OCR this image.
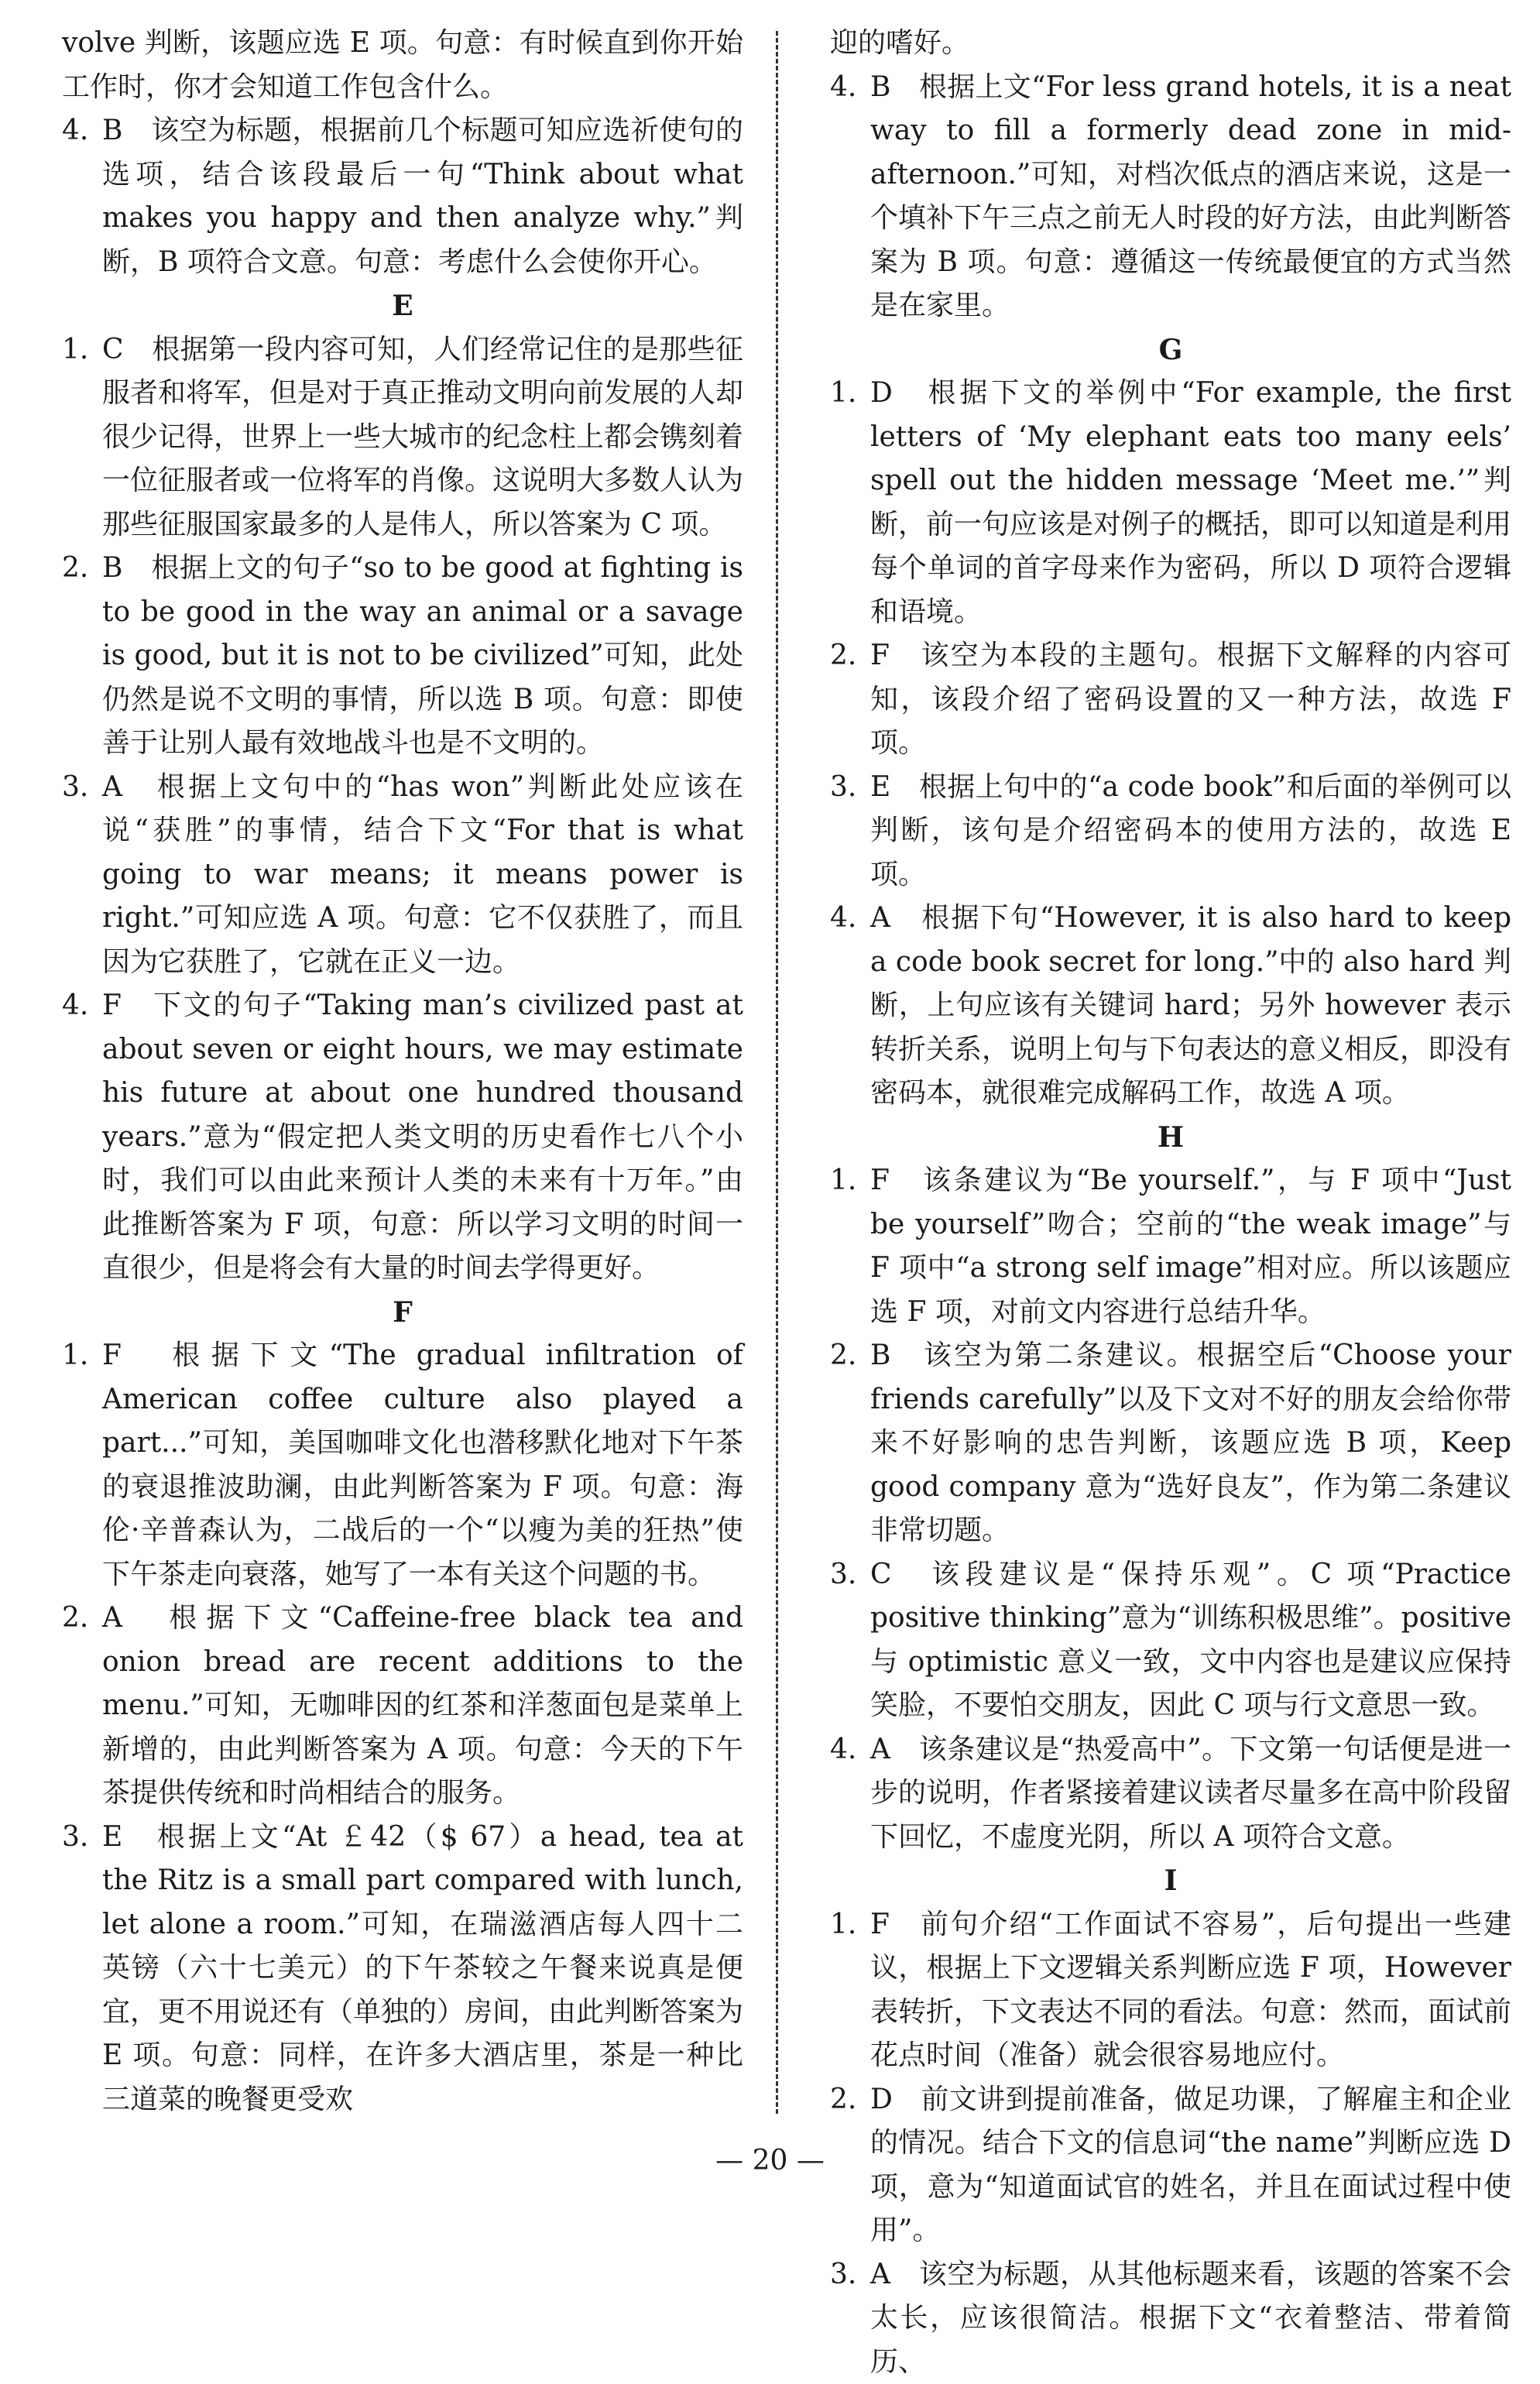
volve 判断，该题应选 E 项。句意：有时候直到你开始工作时，你才会知道工作包含什么。

4. B　该空为标题，根据前几个标题可知应选祈使句的选项，结合该段最后一句“Think about what makes you happy and then analyze why.”判断，B 项符合文意。句意：考虑什么会使你开心。
E
1. C　根据第一段内容可知，人们经常记住的是那些征服者和将军，但是对于真正推动文明向前发展的人却很少记得，世界上一些大城市的纪念柱上都会镌刻着一位征服者或一位将军的肖像。这说明大多数人认为那些征服国家最多的人是伟人，所以答案为 C 项。
2. B　根据上文的句子“so to be good at fighting is to be good in the way an animal or a savage is good, but it is not to be civilized”可知，此处仍然是说不文明的事情，所以选 B 项。句意：即使善于让别人最有效地战斗也是不文明的。
3. A　根据上文句中的“has won”判断此处应该在说“获胜”的事情，结合下文“For that is what going to war means; it means power is right.”可知应选 A 项。句意：它不仅获胜了，而且因为它获胜了，它就在正义一边。
4. F　下文的句子“Taking man’s civilized past at about seven or eight hours, we may estimate his future at about one hundred thousand years.”意为“假定把人类文明的历史看作七八个小时，我们可以由此来预计人类的未来有十万年。”由此推断答案为 F 项，句意：所以学习文明的时间一直很少，但是将会有大量的时间去学得更好。
F
1. F　根据下文“The gradual infiltration of American coffee culture also played a part...”可知，美国咖啡文化也潜移默化地对下午茶的衰退推波助澜，由此判断答案为 F 项。句意：海伦·辛普森认为，二战后的一个“以瘦为美的狂热”使下午茶走向衰落，她写了一本有关这个问题的书。
2. A　根据下文“Caffeine-free black tea and onion bread are recent additions to the menu.”可知，无咖啡因的红茶和洋葱面包是菜单上新增的，由此判断答案为 A 项。句意：今天的下午茶提供传统和时尚相结合的服务。
3. E　根据上文“At ￡42（$ 67）a head, tea at the Ritz is a small part compared with lunch, let alone a room.”可知，在瑞滋酒店每人四十二英镑（六十七美元）的下午茶较之午餐来说真是便宜，更不用说还有（单独的）房间，由此判断答案为 E 项。句意：同样，在许多大酒店里，茶是一种比三道菜的晚餐更受欢

迎的嗜好。

4. B　根据上文“For less grand hotels, it is a neat way to fill a formerly dead zone in mid-afternoon.”可知，对档次低点的酒店来说，这是一个填补下午三点之前无人时段的好方法，由此判断答案为 B 项。句意：遵循这一传统最便宜的方式当然是在家里。
G
1. D　根据下文的举例中“For example, the first letters of ‘My elephant eats too many eels’ spell out the hidden message ‘Meet me.’”判断，前一句应该是对例子的概括，即可以知道是利用每个单词的首字母来作为密码，所以 D 项符合逻辑和语境。
2. F　该空为本段的主题句。根据下文解释的内容可知，该段介绍了密码设置的又一种方法，故选 F 项。
3. E　根据上句中的“a code book”和后面的举例可以判断，该句是介绍密码本的使用方法的，故选 E 项。
4. A　根据下句“However, it is also hard to keep a code book secret for long.”中的 also hard 判断，上句应该有关键词 hard；另外 however 表示转折关系，说明上句与下句表达的意义相反，即没有密码本，就很难完成解码工作，故选 A 项。
H
1. F　该条建议为“Be yourself.”，与 F 项中“Just be yourself”吻合；空前的“the weak image”与 F 项中“a strong self image”相对应。所以该题应选 F 项，对前文内容进行总结升华。
2. B　该空为第二条建议。根据空后“Choose your friends carefully”以及下文对不好的朋友会给你带来不好影响的忠告判断，该题应选 B 项，Keep good company 意为“选好良友”，作为第二条建议非常切题。
3. C　该段建议是“保持乐观”。C 项“Practice positive thinking”意为“训练积极思维”。positive 与 optimistic 意义一致，文中内容也是建议应保持笑脸，不要怕交朋友，因此 C 项与行文意思一致。
4. A　该条建议是“热爱高中”。下文第一句话便是进一步的说明，作者紧接着建议读者尽量多在高中阶段留下回忆，不虚度光阴，所以 A 项符合文意。
I
1. F　前句介绍“工作面试不容易”，后句提出一些建议，根据上下文逻辑关系判断应选 F 项，However 表转折，下文表达不同的看法。句意：然而，面试前花点时间（准备）就会很容易地应付。
2. D　前文讲到提前准备，做足功课，了解雇主和企业的情况。结合下文的信息词“the name”判断应选 D 项，意为“知道面试官的姓名，并且在面试过程中使用”。
3. A　该空为标题，从其他标题来看，该题的答案不会太长，应该很简洁。根据下文“衣着整洁、带着简历、
— 20 —
